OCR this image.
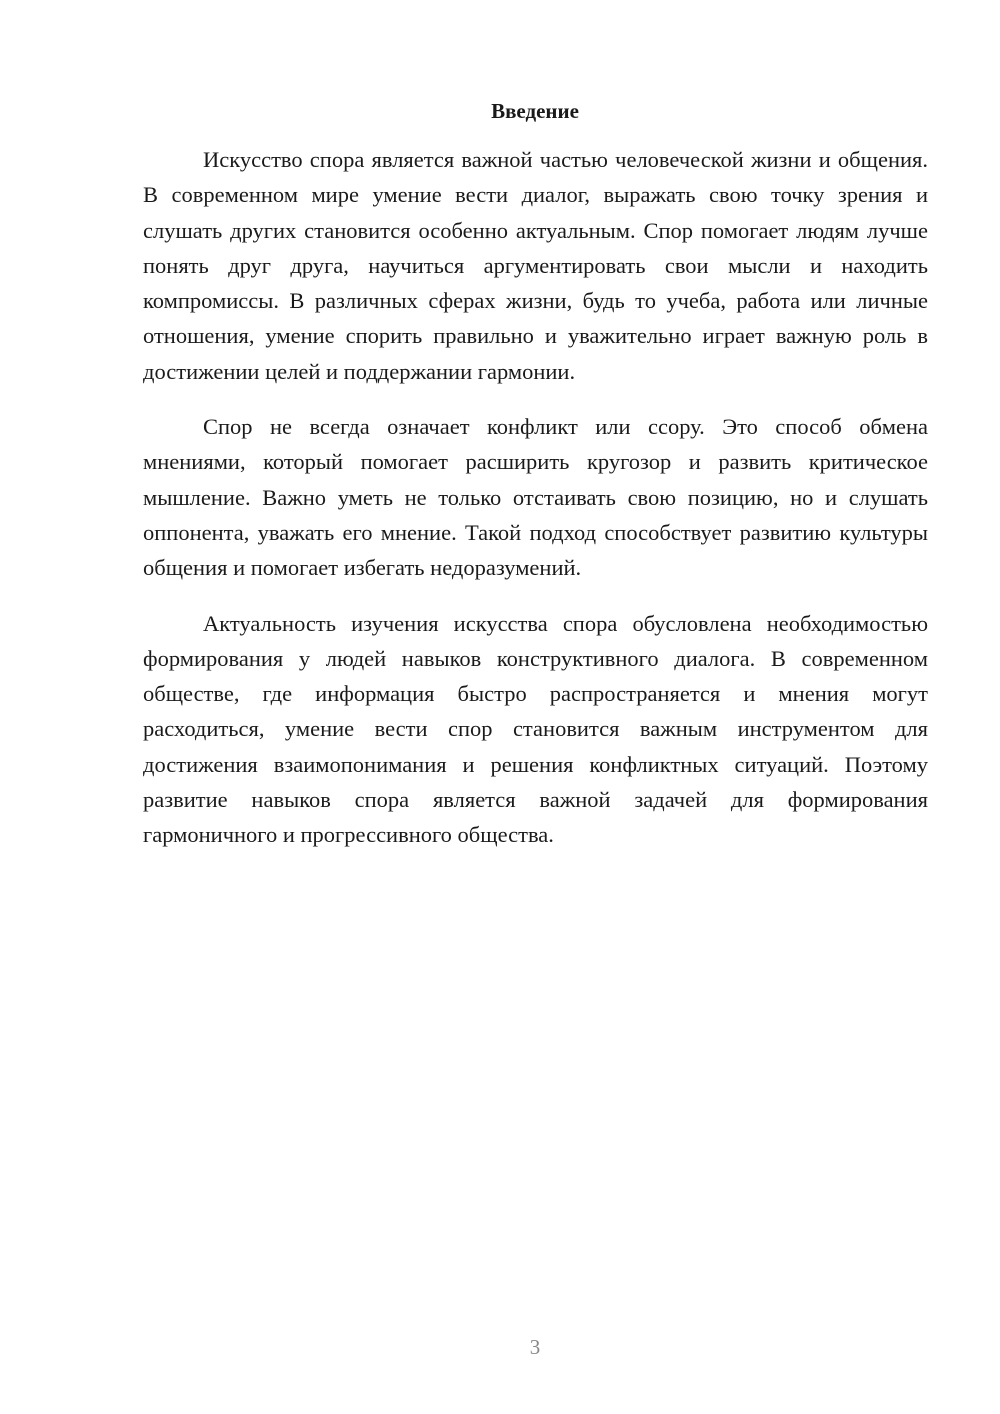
Введение

Искусство спора является важной частью человеческой жизни и общения. В современном мире умение вести диалог, выражать свою точку зрения и слушать других становится особенно актуальным. Спор помогает людям лучше понять друг друга, научиться аргументировать свои мысли и находить компромиссы. В различных сферах жизни, будь то учеба, работа или личные отношения, умение спорить правильно и уважительно играет важную роль в достижении целей и поддержании гармонии.

Спор не всегда означает конфликт или ссору. Это способ обмена мнениями, который помогает расширить кругозор и развить критическое мышление. Важно уметь не только отстаивать свою позицию, но и слушать оппонента, уважать его мнение. Такой подход способствует развитию культуры общения и помогает избегать недоразумений.

Актуальность изучения искусства спора обусловлена необходимостью формирования у людей навыков конструктивного диалога. В современном обществе, где информация быстро распространяется и мнения могут расходиться, умение вести спор становится важным инструментом для достижения взаимопонимания и решения конфликтных ситуаций. Поэтому развитие навыков спора является важной задачей для формирования гармоничного и прогрессивного общества.

3
